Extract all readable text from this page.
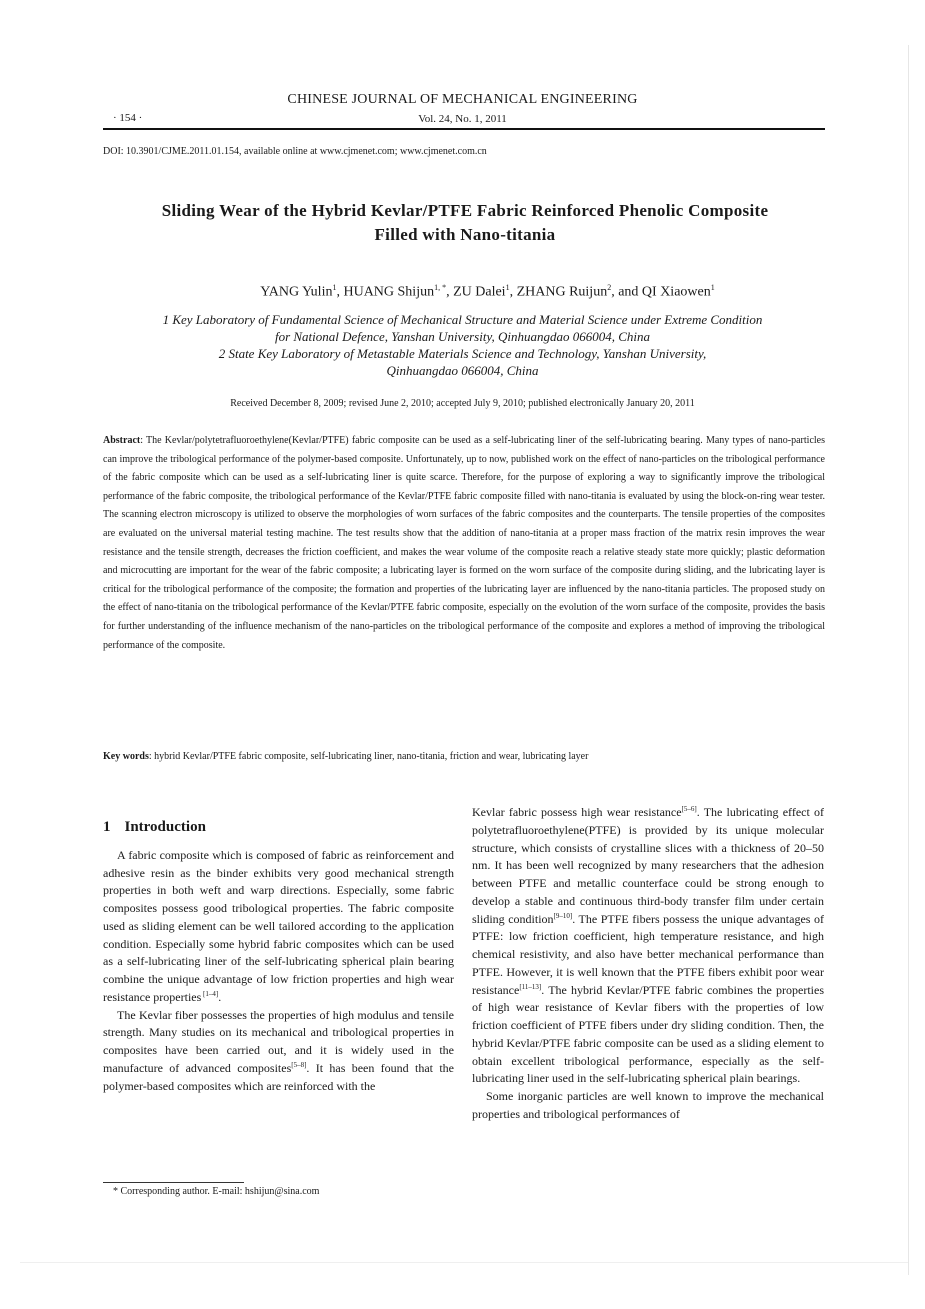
CHINESE JOURNAL OF MECHANICAL ENGINEERING
· 154 ·	Vol. 24, No. 1, 2011
DOI: 10.3901/CJME.2011.01.154, available online at www.cjmenet.com; www.cjmenet.com.cn
Sliding Wear of the Hybrid Kevlar/PTFE Fabric Reinforced Phenolic Composite
Filled with Nano-titania
YANG Yulin$^1$, HUANG Shijun$^{1, *}$, ZU Dalei$^1$, ZHANG Ruijun$^2$, and QI Xiaowen$^1$
1 Key Laboratory of Fundamental Science of Mechanical Structure and Material Science under Extreme Condition
for National Defence, Yanshan University, Qinhuangdao 066004, China
2 State Key Laboratory of Metastable Materials Science and Technology, Yanshan University,
Qinhuangdao 066004, China
Received December 8, 2009; revised June 2, 2010; accepted July 9, 2010; published electronically January 20, 2011

Abstract: The Kevlar/polytetrafluoroethylene(Kevlar/PTFE) fabric composite can be used as a self-lubricating liner of the self-lubricating bearing. Many types of nano-particles can improve the tribological performance of the polymer-based composite. Unfortunately, up to now, published work on the effect of nano-particles on the tribological performance of the fabric composite which can be used as a self-lubricating liner is quite scarce. Therefore, for the purpose of exploring a way to significantly improve the tribological performance of the fabric composite, the tribological performance of the Kevlar/PTFE fabric composite filled with nano-titania is evaluated by using the block-on-ring wear tester. The scanning electron microscopy is utilized to observe the morphologies of worn surfaces of the fabric composites and the counterparts. The tensile properties of the composites are evaluated on the universal material testing machine. The test results show that the addition of nano-titania at a proper mass fraction of the matrix resin improves the wear resistance and the tensile strength, decreases the friction coefficient, and makes the wear volume of the composite reach a relative steady state more quickly; plastic deformation and microcutting are important for the wear of the fabric composite; a lubricating layer is formed on the worn surface of the composite during sliding, and the lubricating layer is critical for the tribological performance of the composite; the formation and properties of the lubricating layer are influenced by the nano-titania particles. The proposed study on the effect of nano-titania on the tribological performance of the Kevlar/PTFE fabric composite, especially on the evolution of the worn surface of the composite, provides the basis for further understanding of the influence mechanism of the nano-particles on the tribological performance of the composite and explores a method of improving the tribological performance of the composite.

Key words: hybrid Kevlar/PTFE fabric composite, self-lubricating liner, nano-titania, friction and wear, lubricating layer

1 Introduction

A fabric composite which is composed of fabric as reinforcement and adhesive resin as the binder exhibits very good mechanical strength properties in both weft and warp directions. Especially, some fabric composites possess good tribological properties. The fabric composite used as sliding element can be well tailored according to the application condition. Especially some hybrid fabric composites which can be used as a self-lubricating liner of the self-lubricating spherical plain bearing combine the unique advantage of low friction properties and high wear resistance properties [1–4].

The Kevlar fiber possesses the properties of high modulus and tensile strength. Many studies on its mechanical and tribological properties in composites have been carried out, and it is widely used in the manufacture of advanced composites[5–8]. It has been found that the polymer-based composites which are reinforced with the

Kevlar fabric possess high wear resistance[5–6]. The lubricating effect of polytetrafluoroethylene(PTFE) is provided by its unique molecular structure, which consists of crystalline slices with a thickness of 20–50 nm. It has been well recognized by many researchers that the adhesion between PTFE and metallic counterface could be strong enough to develop a stable and continuous third-body transfer film under certain sliding condition[9–10]. The PTFE fibers possess the unique advantages of PTFE: low friction coefficient, high temperature resistance, and high chemical resistivity, and also have better mechanical performance than PTFE. However, it is well known that the PTFE fibers exhibit poor wear resistance[11–13]. The hybrid Kevlar/PTFE fabric combines the properties of high wear resistance of Kevlar fibers with the properties of low friction coefficient of PTFE fibers under dry sliding condition. Then, the hybrid Kevlar/PTFE fabric composite can be used as a sliding element to obtain excellent tribological performance, especially as the self-lubricating liner used in the self-lubricating spherical plain bearings.

Some inorganic particles are well known to improve the mechanical properties and tribological performances of

* Corresponding author. E-mail: hshijun@sina.com
